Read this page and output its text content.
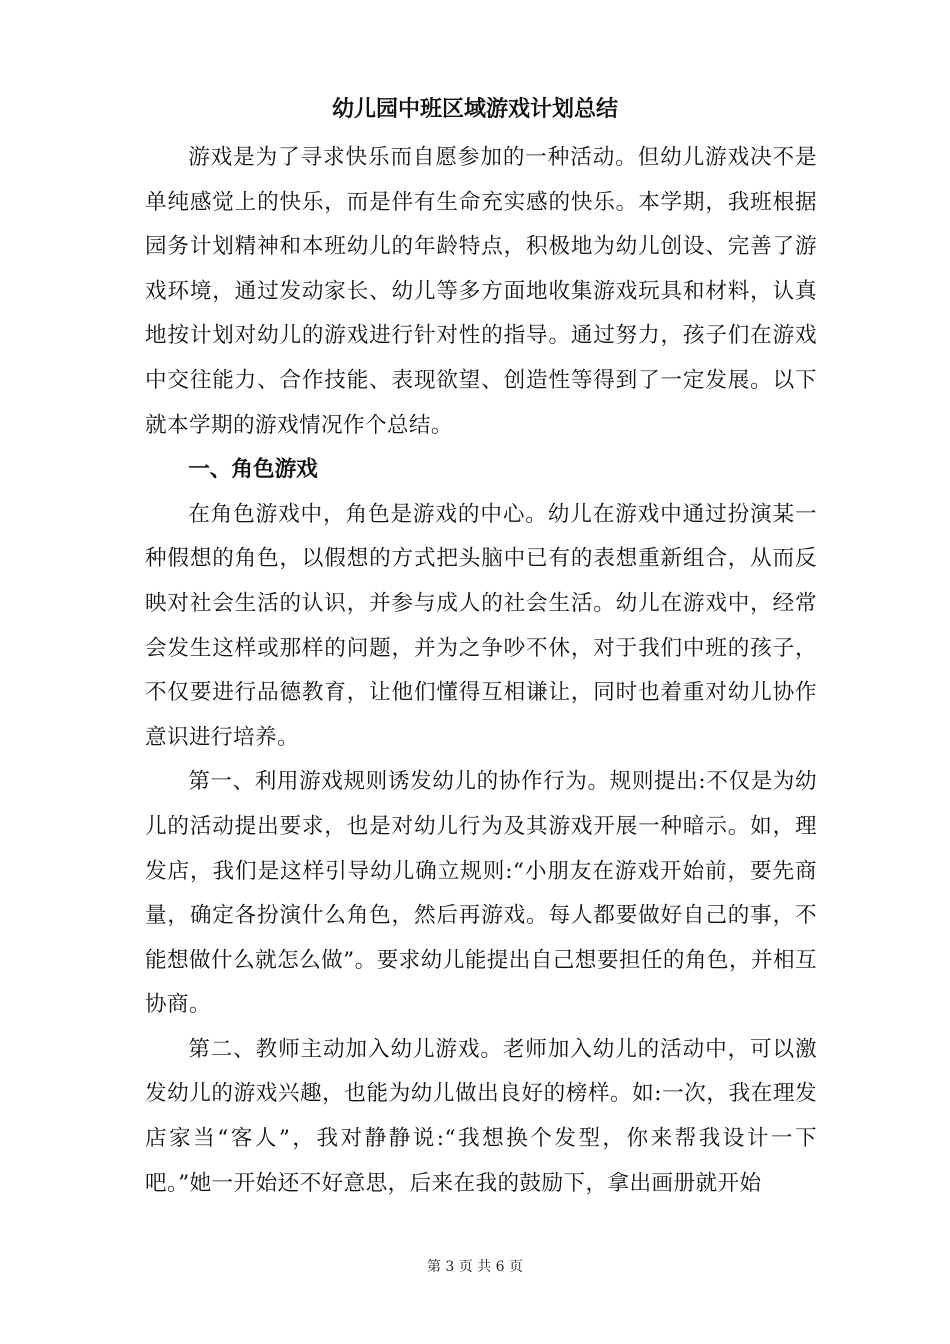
幼儿园中班区域游戏计划总结

游戏是为了寻求快乐而自愿参加的一种活动。但幼儿游戏决不是单纯感觉上的快乐，而是伴有生命充实感的快乐。本学期，我班根据园务计划精神和本班幼儿的年龄特点，积极地为幼儿创设、完善了游戏环境，通过发动家长、幼儿等多方面地收集游戏玩具和材料，认真地按计划对幼儿的游戏进行针对性的指导。通过努力，孩子们在游戏中交往能力、合作技能、表现欲望、创造性等得到了一定发展。以下就本学期的游戏情况作个总结。

一、角色游戏

在角色游戏中，角色是游戏的中心。幼儿在游戏中通过扮演某一种假想的角色，以假想的方式把头脑中已有的表想重新组合，从而反映对社会生活的认识，并参与成人的社会生活。幼儿在游戏中，经常会发生这样或那样的问题，并为之争吵不休，对于我们中班的孩子，不仅要进行品德教育，让他们懂得互相谦让，同时也着重对幼儿协作意识进行培养。

第一、利用游戏规则诱发幼儿的协作行为。规则提出:不仅是为幼儿的活动提出要求，也是对幼儿行为及其游戏开展一种暗示。如，理发店，我们是这样引导幼儿确立规则:“小朋友在游戏开始前，要先商量，确定各扮演什么角色，然后再游戏。每人都要做好自己的事，不能想做什么就怎么做”。要求幼儿能提出自己想要担任的角色，并相互协商。

第二、教师主动加入幼儿游戏。老师加入幼儿的活动中，可以激发幼儿的游戏兴趣，也能为幼儿做出良好的榜样。如:一次，我在理发店家当“客人”，我对静静说:“我想换个发型，你来帮我设计一下吧。”她一开始还不好意思，后来在我的鼓励下，拿出画册就开始

第 3 页 共 6 页
